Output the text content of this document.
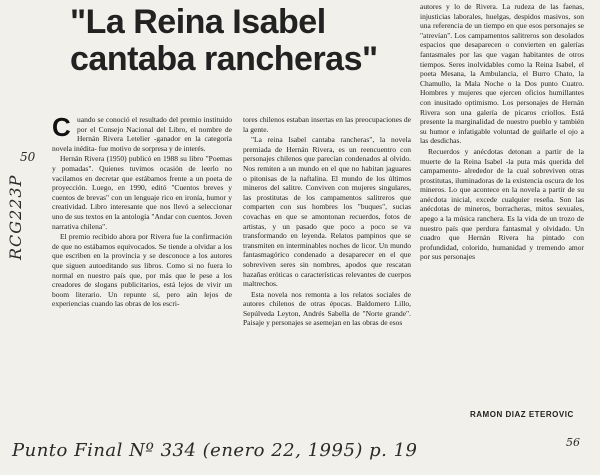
"La Reina Isabel cantaba rancheras"

Cuando se conoció el resultado del premio instituido por el Consejo Nacional del Libro, el nombre de Hernán Rivera Letelier -ganador en la categoría novela inédita- fue motivo de sorpresa y de interés.

Hernán Rivera (1950) publicó en 1988 su libro "Poemas y pomadas". Quienes tuvimos ocasión de leerlo no vacilamos en decretar que estábamos frente a un poeta de proyección. Luego, en 1990, editó "Cuentos breves y cuentos de brevas" con un lenguaje rico en ironía, humor y creatividad. Libro interesante que nos llevó a seleccionar uno de sus textos en la antología "Andar con cuentos. Joven narrativa chilena".

El premio recibido ahora por Rivera fue la confirmación de que no estábamos equivocados. Se tiende a olvidar a los que escriben en la provincia y se desconoce a los autores que siguen autoeditando sus libros. Como si no fuera lo normal en nuestro país que, por más que le pese a los creadores de slogans publicitarios, está lejos de vivir un boom literario. Un repunte sí, pero aún lejos de experiencias cuando las obras de los escri-

tores chilenos estaban insertas en las preocupaciones de la gente.

"La reina Isabel cantaba rancheras", la novela premiada de Hernán Rivera, es un reencuentro con personajes chilenos que parecían condenados al olvido. Nos remiten a un mundo en el que no habitan jaguares o pitonisas de la naftalina. El mundo de los últimos mineros del salitre. Conviven con mujeres singulares, las prostitutas de los campamentos salitreros que comparten con sus hombres los "buques", sucias covachas en que se amontonan recuerdos, fotos de artistas, y un pasado que poco a poco se va transformando en leyenda. Relatos pampinos que se transmiten en interminables noches de licor. Un mundo fantasmagórico condenado a desaparecer en el que sobreviven seres sin nombres, apodos que rescatan hazañas eróticas o características relevantes de cuerpos maltrechos.

Esta novela nos remonta a los relatos sociales de autores chilenos de otras épocas. Baldomero Lillo, Sepúlveda Leyton, Andrés Sabella de "Norte grande". Paisaje y personajes se asemejan en las obras de esos

autores y lo de Rivera. La rudeza de las faenas, injusticias laborales, huelgas, despidos masivos, son una referencia de un tiempo en que esos personajes se "atrevían". Los campamentos salitreros son desolados espacios que desaparecen o convierten en galerías fantasmales por las que vagan habitantes de otros tiempos. Seres inolvidables como la Reina Isabel, el poeta Mesana, la Ambulancia, el Burro Chato, la Chamullo, la Mala Noche o la Dos punto Cuatro. Hombres y mujeres que ejercen oficios humillantes con inusitado optimismo. Los personajes de Hernán Rivera son una galería de pícaros criollos. Está presente la marginalidad de nuestro pueblo y también su humor e infatigable voluntad de guiñarle el ojo a las desdichas.

Recuerdos y anécdotas detonan a partir de la muerte de la Reina Isabel -la puta más querida del campamento- alrededor de la cual sobreviven otras prostitutas, iluminadoras de la existencia oscura de los mineros. Lo que acontece en la novela a partir de su anécdota inicial, excede cualquier reseña. Son las anécdotas de mineros, borracheras, mitos sexuales, apego a la música ranchera. Es la vida de un trozo de nuestro país que perdura fantasmal y olvidado. Un cuadro que Hernán Rivera ha pintado con profundidad, colorido, humanidad y tremendo amor por sus personajes

RAMON DIAZ ETEROVIC
50
RCG223P
Punto Final Nº 334 (enero 22, 1995) p. 19	56
